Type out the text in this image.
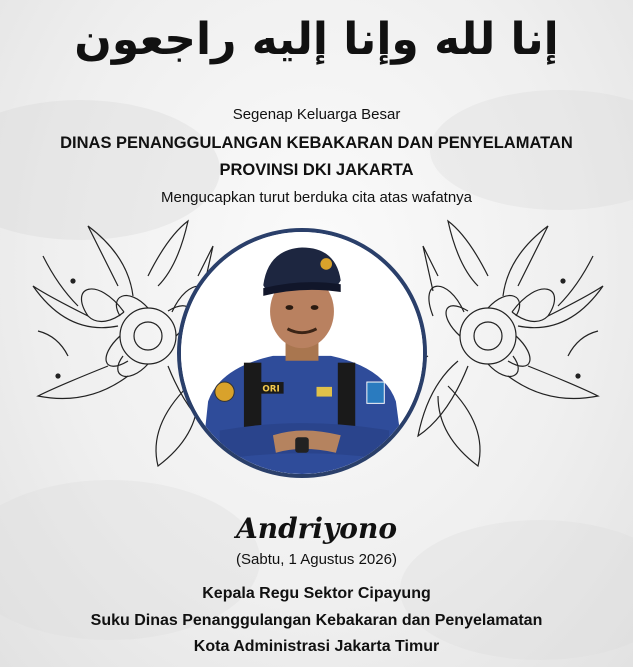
إنا لله وإنا إليه راجعون
Segenap Keluarga Besar
DINAS PENANGGULANGAN KEBAKARAN DAN PENYELAMATAN
PROVINSI DKI JAKARTA
Mengucapkan turut berduka cita atas wafatnya
ORI
Andriyono
(Sabtu, 1 Agustus 2026)
Kepala Regu Sektor Cipayung
Suku Dinas Penanggulangan Kebakaran dan Penyelamatan
Kota Administrasi Jakarta Timur
